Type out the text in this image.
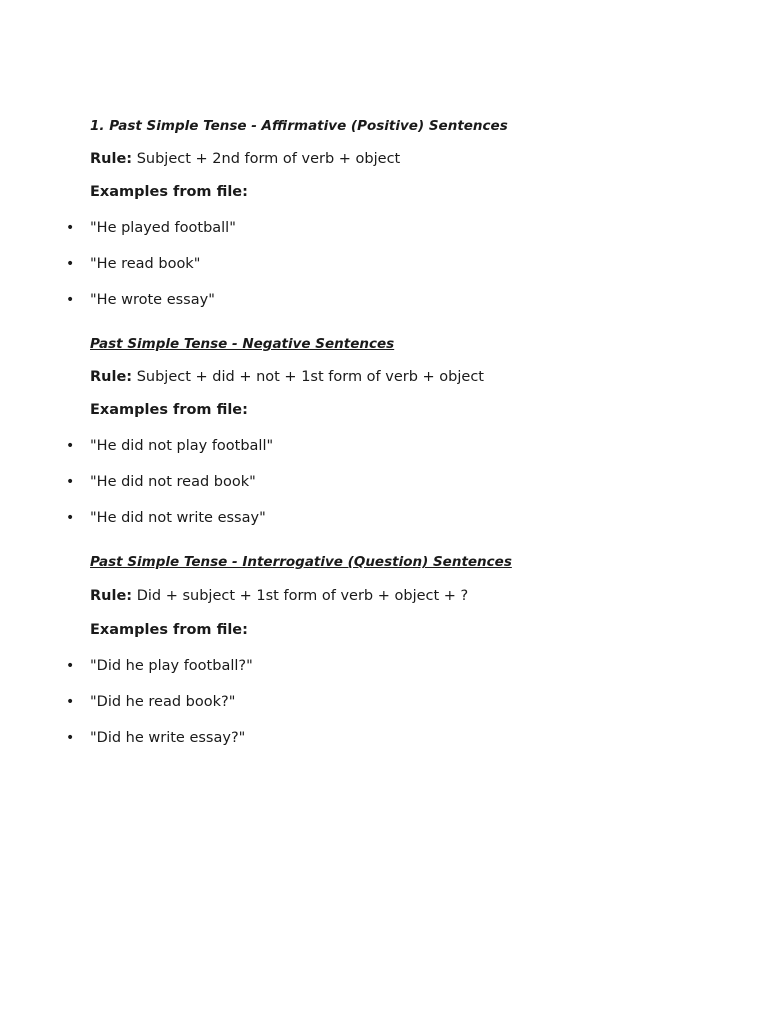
1. Past Simple Tense - Affirmative (Positive) Sentences

Rule: Subject + 2nd form of verb + object

Examples from file:

• "He played football"
• "He read book"
• "He wrote essay"

Past Simple Tense - Negative Sentences

Rule: Subject + did + not + 1st form of verb + object

Examples from file:

• "He did not play football"
• "He did not read book"
• "He did not write essay"

Past Simple Tense - Interrogative (Question) Sentences

Rule: Did + subject + 1st form of verb + object + ?

Examples from file:

• "Did he play football?"
• "Did he read book?"
• "Did he write essay?"
